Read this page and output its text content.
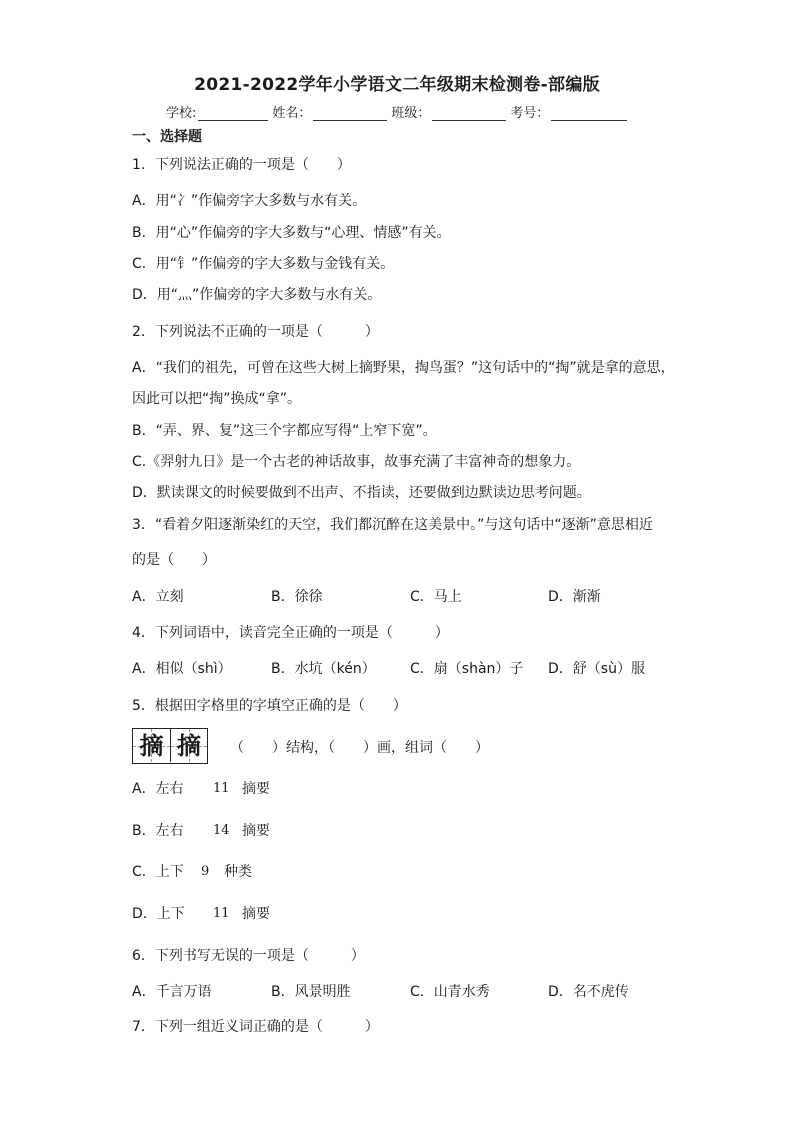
2021-2022学年小学语文二年级期末检测卷-部编版
学校:	姓名：	班级：	考号：
一、选择题
1．下列说法正确的一项是（　　）
A．用“冫”作偏旁字大多数与水有关。
B．用“心”作偏旁的字大多数与“心理、情感”有关。
C．用“钅”作偏旁的字大多数与金钱有关。
D．用“灬”作偏旁的字大多数与水有关。
2．下列说法不正确的一项是（　　　）
A．“我们的祖先，可曾在这些大树上摘野果，掏鸟蛋？”这句话中的“掏”就是拿的意思，
因此可以把“掏”换成“拿”。
B．“弄、界、复”这三个字都应写得“上窄下宽”。
C.《羿射九日》是一个古老的神话故事，故事充满了丰富神奇的想象力。
D．默读课文的时候要做到不出声、不指读，还要做到边默读边思考问题。
3．“看着夕阳逐渐染红的天空，我们都沉醉在这美景中。”与这句话中“逐渐”意思相近
的是（　　）
A．立刻	B．徐徐	C．马上	D．渐渐
4．下列词语中，读音完全正确的一项是（　　　）
A．相似（shì）	B．水坑（kén） C．扇（shàn）子 D．舒（sù）服
5．根据田字格里的字填空正确的是（　　）
摘 摘	（　　）结构，（　　）画，组词（　　）
A．左右 11 摘要
B．左右 14 摘要
C．上下 9 种类
D．上下 11 摘要
6．下列书写无误的一项是（　　　）
A．千言万语	B．风景明胜	C．山青水秀	D．名不虎传
7．下列一组近义词正确的是（　　　）
